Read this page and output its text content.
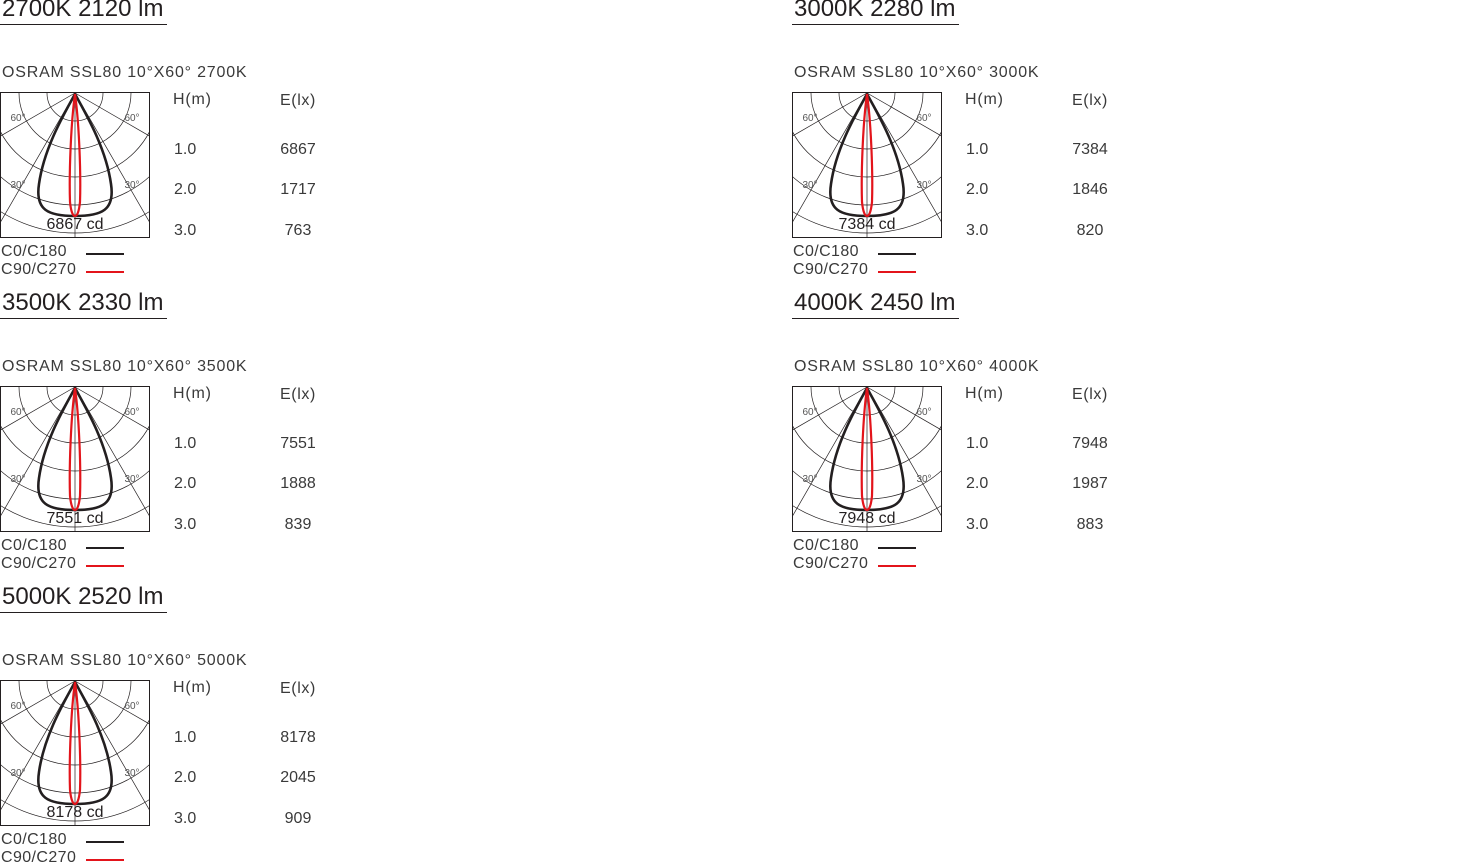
2700K 2120 lm
OSRAM SSL80 10°X60° 2700K
60°	60°
30°	30°
6867 cd
H(m)	E(lx)
1.0	6867
2.0	1717
3.0	763
C0/C180
C90/C270
3000K 2280 lm
OSRAM SSL80 10°X60° 3000K
60°	60°
30°	30°
7384 cd
H(m)	E(lx)
1.0	7384
2.0	1846
3.0	820
C0/C180
C90/C270
3500K 2330 lm
OSRAM SSL80 10°X60° 3500K
60°	60°
30°	30°
7551 cd
H(m)	E(lx)
1.0	7551
2.0	1888
3.0	839
C0/C180
C90/C270
4000K 2450 lm
OSRAM SSL80 10°X60° 4000K
60°	60°
30°	30°
7948 cd
H(m)	E(lx)
1.0	7948
2.0	1987
3.0	883
C0/C180
C90/C270
5000K 2520 lm
OSRAM SSL80 10°X60° 5000K
60°	60°
30°	30°
8178 cd
H(m)	E(lx)
1.0	8178
2.0	2045
3.0	909
C0/C180
C90/C270
